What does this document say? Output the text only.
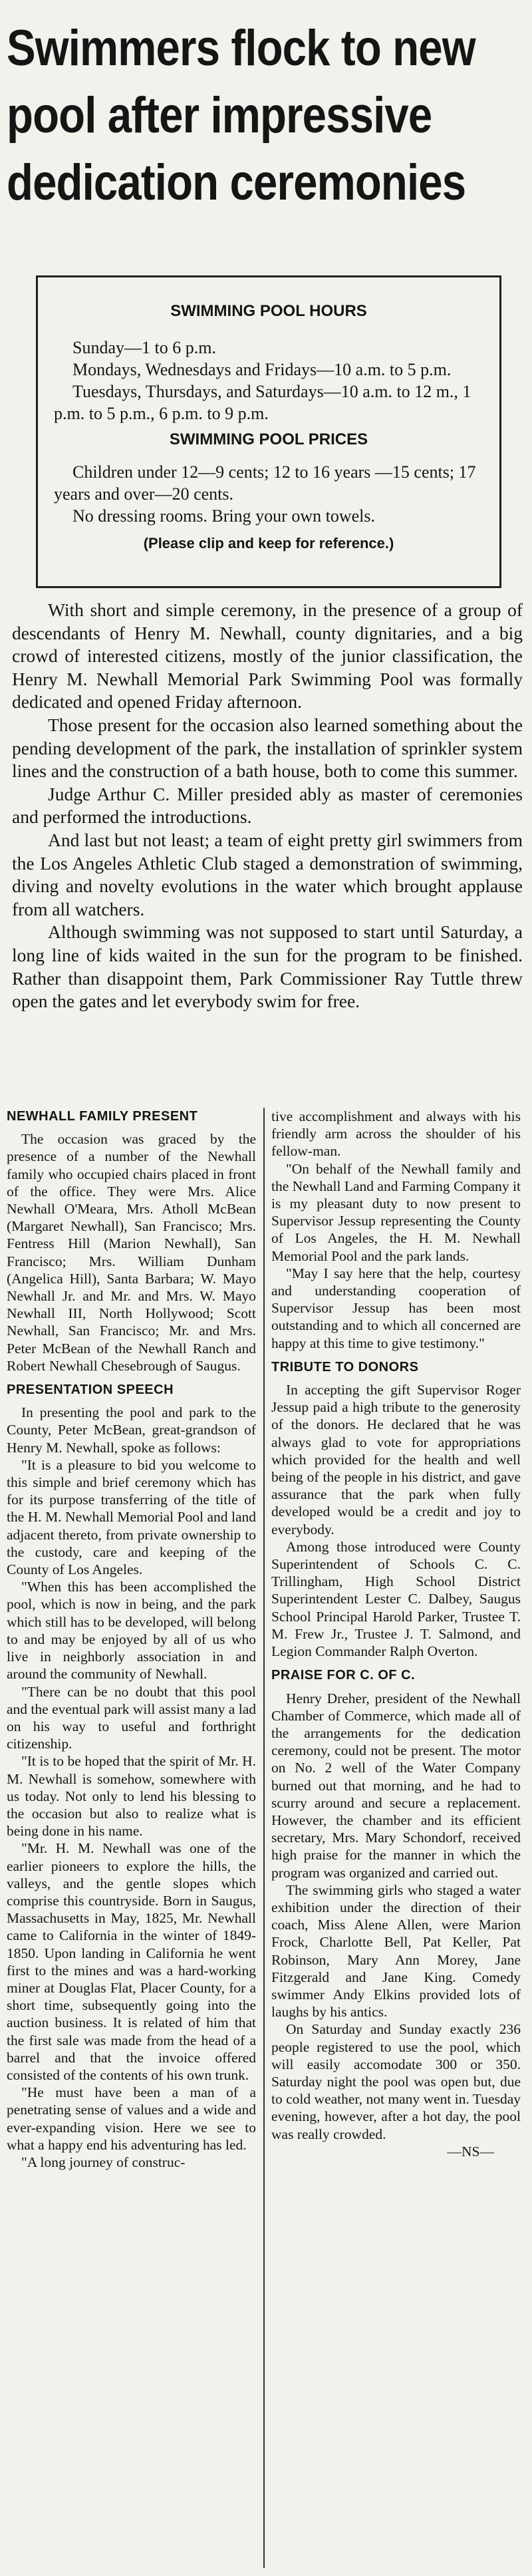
Swimmers flock to new
pool after impressive
dedication ceremonies
SWIMMING POOL HOURS

Sunday—1 to 6 p.m.

Mondays, Wednesdays and Fridays—10 a.m. to 5 p.m.

Tuesdays, Thursdays, and Saturdays—10 a.m. to 12 m., 1 p.m. to 5 p.m., 6 p.m. to 9 p.m.

SWIMMING POOL PRICES

Children under 12—9 cents; 12 to 16 years —15 cents; 17 years and over—20 cents.

No dressing rooms. Bring your own towels.

(Please clip and keep for reference.)

With short and simple ceremony, in the presence of a group of descendants of Henry M. Newhall, county dignitaries, and a big crowd of interested citizens, mostly of the junior classification, the Henry M. Newhall Memorial Park Swimming Pool was formally dedicated and opened Friday afternoon.

Those present for the occasion also learned something about the pending development of the park, the installation of sprinkler system lines and the construction of a bath house, both to come this summer.

Judge Arthur C. Miller presided ably as master of ceremonies and performed the introductions.

And last but not least; a team of eight pretty girl swimmers from the Los Angeles Athletic Club staged a demonstration of swimming, diving and novelty evolutions in the water which brought applause from all watchers.

Although swimming was not supposed to start until Saturday, a long line of kids waited in the sun for the program to be finished. Rather than disappoint them, Park Commissioner Ray Tuttle threw open the gates and let everybody swim for free.

NEWHALL FAMILY PRESENT

The occasion was graced by the presence of a number of the Newhall family who occupied chairs placed in front of the office. They were Mrs. Alice Newhall O'Meara, Mrs. Atholl McBean (Margaret Newhall), San Francisco; Mrs. Fentress Hill (Marion Newhall), San Francisco; Mrs. William Dunham (Angelica Hill), Santa Barbara; W. Mayo Newhall Jr. and Mr. and Mrs. W. Mayo Newhall III, North Hollywood; Scott Newhall, San Francisco; Mr. and Mrs. Peter McBean of the Newhall Ranch and Robert Newhall Chesebrough of Saugus.

PRESENTATION SPEECH

In presenting the pool and park to the County, Peter McBean, great-grandson of Henry M. Newhall, spoke as follows:

"It is a pleasure to bid you welcome to this simple and brief ceremony which has for its purpose transferring of the title of the H. M. Newhall Memorial Pool and land adjacent thereto, from private ownership to the custody, care and keeping of the County of Los Angeles.

"When this has been accomplished the pool, which is now in being, and the park which still has to be developed, will belong to and may be enjoyed by all of us who live in neighborly association in and around the community of Newhall.

"There can be no doubt that this pool and the eventual park will assist many a lad on his way to useful and forthright citizenship.

"It is to be hoped that the spirit of Mr. H. M. Newhall is somehow, somewhere with us today. Not only to lend his blessing to the occasion but also to realize what is being done in his name.

"Mr. H. M. Newhall was one of the earlier pioneers to explore the hills, the valleys, and the gentle slopes which comprise this countryside. Born in Saugus, Massachusetts in May, 1825, Mr. Newhall came to California in the winter of 1849-1850. Upon landing in California he went first to the mines and was a hard-working miner at Douglas Flat, Placer County, for a short time, subsequently going into the auction business. It is related of him that the first sale was made from the head of a barrel and that the invoice offered consisted of the contents of his own trunk.

"He must have been a man of a penetrating sense of values and a wide and ever-expanding vision. Here we see to what a happy end his adventuring has led.

"A long journey of construc-

tive accomplishment and always with his friendly arm across the shoulder of his fellow-man.

"On behalf of the Newhall family and the Newhall Land and Farming Company it is my pleasant duty to now present to Supervisor Jessup representing the County of Los Angeles, the H. M. Newhall Memorial Pool and the park lands.

"May I say here that the help, courtesy and understanding cooperation of Supervisor Jessup has been most outstanding and to which all concerned are happy at this time to give testimony."

TRIBUTE TO DONORS

In accepting the gift Supervisor Roger Jessup paid a high tribute to the generosity of the donors. He declared that he was always glad to vote for appropriations which provided for the health and well being of the people in his district, and gave assurance that the park when fully developed would be a credit and joy to everybody.

Among those introduced were County Superintendent of Schools C. C. Trillingham, High School District Superintendent Lester C. Dalbey, Saugus School Principal Harold Parker, Trustee T. M. Frew Jr., Trustee J. T. Salmond, and Legion Commander Ralph Overton.

PRAISE FOR C. OF C.

Henry Dreher, president of the Newhall Chamber of Commerce, which made all of the arrangements for the dedication ceremony, could not be present. The motor on No. 2 well of the Water Company burned out that morning, and he had to scurry around and secure a replacement. However, the chamber and its efficient secretary, Mrs. Mary Schondorf, received high praise for the manner in which the program was organized and carried out.

The swimming girls who staged a water exhibition under the direction of their coach, Miss Alene Allen, were Marion Frock, Charlotte Bell, Pat Keller, Pat Robinson, Mary Ann Morey, Jane Fitzgerald and Jane King. Comedy swimmer Andy Elkins provided lots of laughs by his antics.

On Saturday and Sunday exactly 236 people registered to use the pool, which will easily accomodate 300 or 350. Saturday night the pool was open but, due to cold weather, not many went in. Tuesday evening, however, after a hot day, the pool was really crowded.

—NS—
